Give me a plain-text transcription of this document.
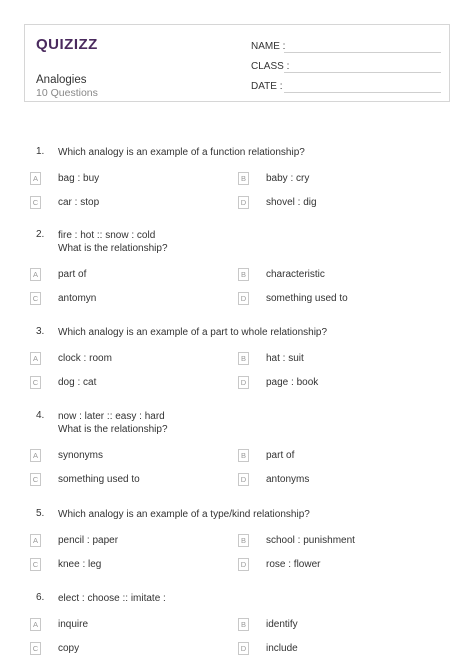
QUIZIZZ
Analogies
10 Questions
NAME :
CLASS :
DATE :
1.	Which analogy is an example of a function relationship?
A	bag : buy	B	baby : cry
C car : stop	D shovel : dig
2.	fire : hot :: snow : cold
What is the relationship?
A	part of	B	characteristic
C antomyn	D something used to
3.	Which analogy is an example of a part to whole relationship?
A	clock : room	B	hat : suit
C dog : cat	D page : book
4.	now : later :: easy : hard
What is the relationship?
A	synonyms	B	part of
C something used to	D antonyms
5.	Which analogy is an example of a type/kind relationship?
A	pencil : paper	B	school : punishment
C knee : leg	D rose : flower
6.	elect : choose :: imitate :
A	inquire	B	identify
C copy	D include
